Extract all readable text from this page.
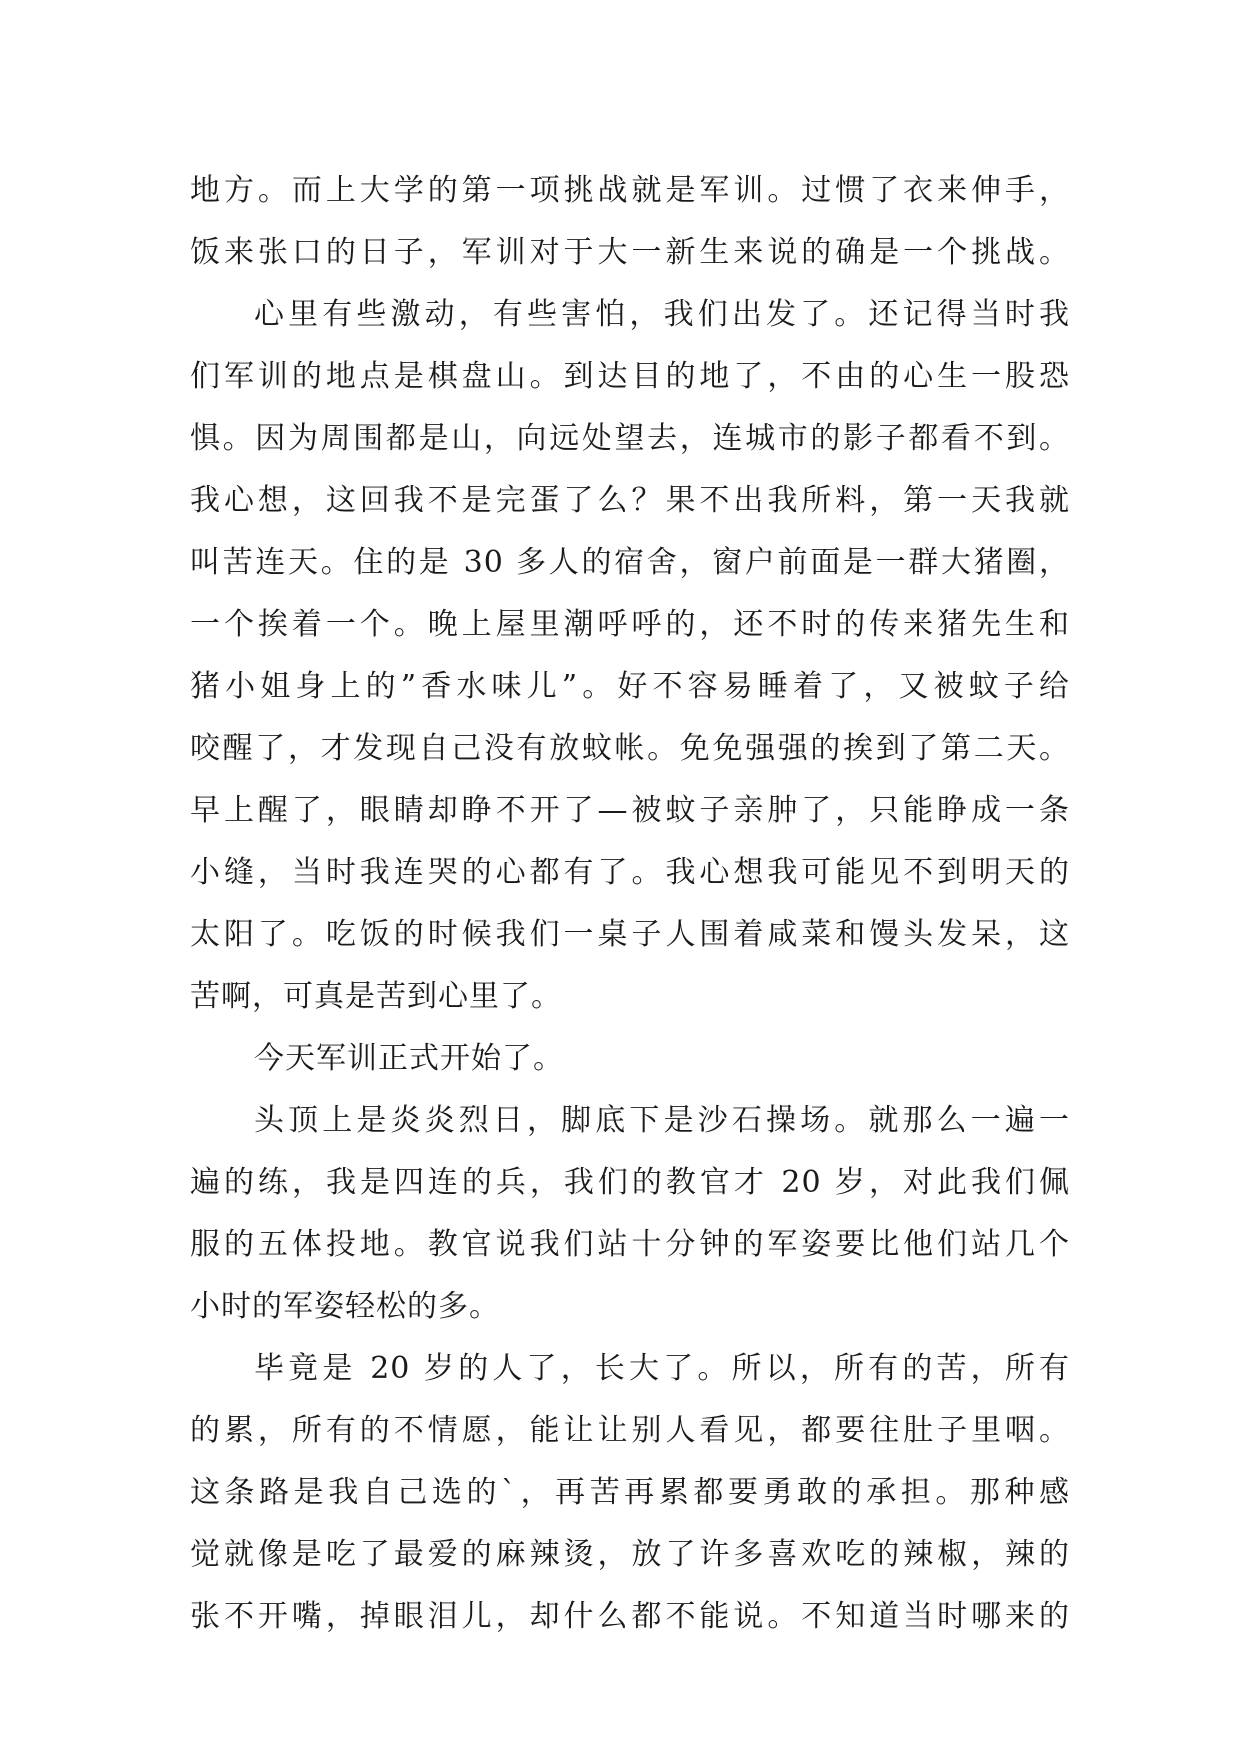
地方。而上大学的第一项挑战就是军训。过惯了衣来伸手，
饭来张口的日子，军训对于大一新生来说的确是一个挑战。
心里有些激动，有些害怕，我们出发了。还记得当时我
们军训的地点是棋盘山。到达目的地了，不由的心生一股恐
惧。因为周围都是山，向远处望去，连城市的影子都看不到。
我心想，这回我不是完蛋了么？果不出我所料，第一天我就
叫苦连天。住的是 30 多人的宿舍，窗户前面是一群大猪圈，
一个挨着一个。晚上屋里潮呼呼的，还不时的传来猪先生和
猪小姐身上的”香水味儿”。好不容易睡着了，又被蚊子给
咬醒了，才发现自己没有放蚊帐。免免强强的挨到了第二天。
早上醒了，眼睛却睁不开了—被蚊子亲肿了，只能睁成一条
小缝，当时我连哭的心都有了。我心想我可能见不到明天的
太阳了。吃饭的时候我们一桌子人围着咸菜和馒头发呆，这
苦啊，可真是苦到心里了。
今天军训正式开始了。
头顶上是炎炎烈日，脚底下是沙石操场。就那么一遍一
遍的练，我是四连的兵，我们的教官才 20 岁，对此我们佩
服的五体投地。教官说我们站十分钟的军姿要比他们站几个
小时的军姿轻松的多。
毕竟是 20 岁的人了，长大了。所以，所有的苦，所有
的累，所有的不情愿，能让让别人看见，都要往肚子里咽。
这条路是我自己选的`，再苦再累都要勇敢的承担。那种感
觉就像是吃了最爱的麻辣烫，放了许多喜欢吃的辣椒，辣的
张不开嘴，掉眼泪儿，却什么都不能说。不知道当时哪来的
